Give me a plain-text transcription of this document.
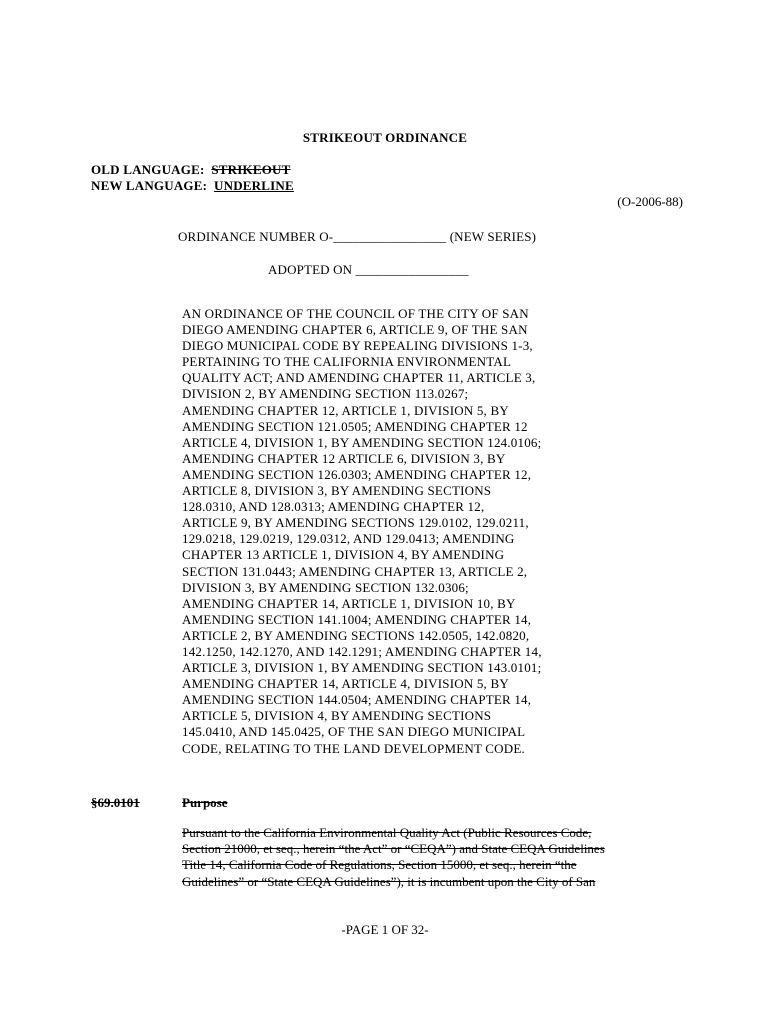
STRIKEOUT ORDINANCE
OLD LANGUAGE: STRIKEOUT
NEW LANGUAGE: UNDERLINE
(O-2006-88)
ORDINANCE NUMBER O-_________________ (NEW SERIES)
ADOPTED ON _________________
AN ORDINANCE OF THE COUNCIL OF THE CITY OF SAN
DIEGO AMENDING CHAPTER 6, ARTICLE 9, OF THE SAN
DIEGO MUNICIPAL CODE BY REPEALING DIVISIONS 1-3,
PERTAINING TO THE CALIFORNIA ENVIRONMENTAL
QUALITY ACT; AND AMENDING CHAPTER 11, ARTICLE 3,
DIVISION 2, BY AMENDING SECTION 113.0267;
AMENDING CHAPTER 12, ARTICLE 1, DIVISION 5, BY
AMENDING SECTION 121.0505; AMENDING CHAPTER 12
ARTICLE 4, DIVISION 1, BY AMENDING SECTION 124.0106;
AMENDING CHAPTER 12 ARTICLE 6, DIVISION 3, BY
AMENDING SECTION 126.0303; AMENDING CHAPTER 12,
ARTICLE 8, DIVISION 3, BY AMENDING SECTIONS
128.0310, AND 128.0313; AMENDING CHAPTER 12,
ARTICLE 9, BY AMENDING SECTIONS 129.0102, 129.0211,
129.0218, 129.0219, 129.0312, AND 129.0413; AMENDING
CHAPTER 13 ARTICLE 1, DIVISION 4, BY AMENDING
SECTION 131.0443; AMENDING CHAPTER 13, ARTICLE 2,
DIVISION 3, BY AMENDING SECTION 132.0306;
AMENDING CHAPTER 14, ARTICLE 1, DIVISION 10, BY
AMENDING SECTION 141.1004; AMENDING CHAPTER 14,
ARTICLE 2, BY AMENDING SECTIONS 142.0505, 142.0820,
142.1250, 142.1270, AND 142.1291; AMENDING CHAPTER 14,
ARTICLE 3, DIVISION 1, BY AMENDING SECTION 143.0101;
AMENDING CHAPTER 14, ARTICLE 4, DIVISION 5, BY
AMENDING SECTION 144.0504; AMENDING CHAPTER 14,
ARTICLE 5, DIVISION 4, BY AMENDING SECTIONS
145.0410, AND 145.0425, OF THE SAN DIEGO MUNICIPAL
CODE, RELATING TO THE LAND DEVELOPMENT CODE.
§69.0101	Purpose
Pursuant to the California Environmental Quality Act (Public Resources Code,
Section 21000, et seq., herein “the Act” or “CEQA”) and State CEQA Guidelines
Title 14, California Code of Regulations, Section 15000, et seq., herein “the
Guidelines” or “State CEQA Guidelines”), it is incumbent upon the City of San
-PAGE 1 OF 32-
